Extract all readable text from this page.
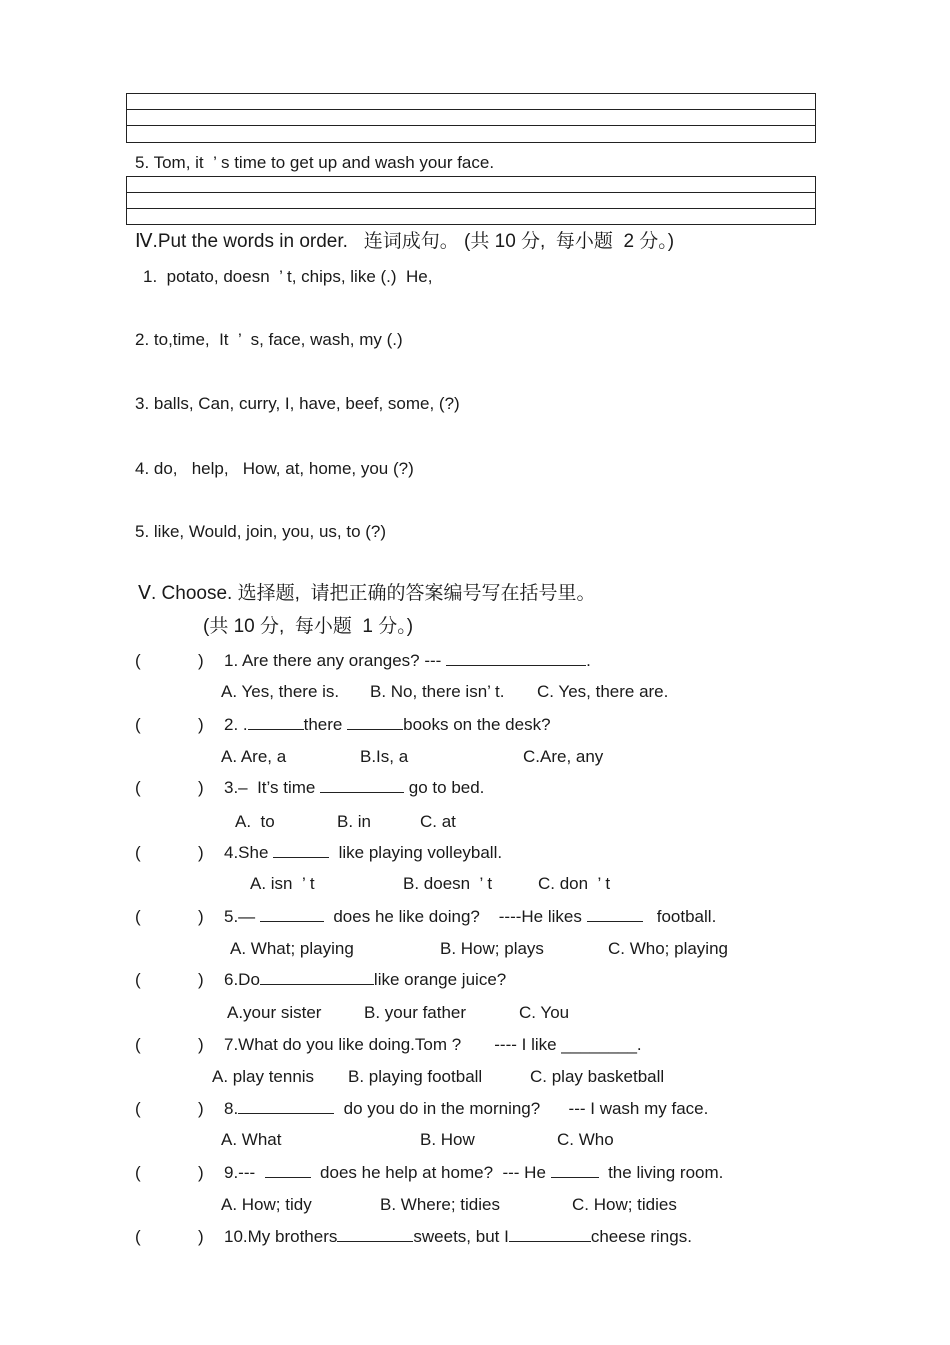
5. Tom, it  ’ s time to get up and wash your face.
Ⅳ.Put the words in order.   连词成句。 (共 10 分,  每小题  2 分。)
1.  potato, doesn  ’ t, chips, like (.)  He,
2. to,time,  It  ’  s, face, wash, my (.)
3. balls, Can, curry, I, have, beef, some, (?)
4. do,   help,   How, at, home, you (?)
5. like, Would, join, you, us, to (?)
Ⅴ. Choose. 选择题,  请把正确的答案编号写在括号里。
(共 10 分,  每小题  1 分。)
(	) 1. Are there any oranges? ---	.
A. Yes, there is. B. No, there isn’ t. C. Yes, there are.
(	) 2. .	there	books on the desk?
A. Are, a	B.Is, a	C.Are, any
(	) 3.–  It’s time	go to bed.
A.  to	B. in	C. at
(	) 4.She	like playing volleyball.
A. isn  ’ t	B. doesn  ’ t	C. don  ’ t
(	) 5.—	does he like doing?    ----He likes	football.
A. What; playing	B. How; plays	C. Who; playing
(	) 6.Do	like orange juice?
A.your sister	B. your father	C. You
(	) 7.What do you like doing.Tom ?       ---- I like ________.
A. play tennis B. playing football	C. play basketball
(	) 8.	do you do in the morning?      --- I wash my face.
A. What	B. How	C. Who
(	) 9.---	does he help at home?  --- He	the living room.
A. How; tidy	B. Where; tidies	C. How; tidies
(	) 10.My brothers	sweets, but I	cheese rings.
